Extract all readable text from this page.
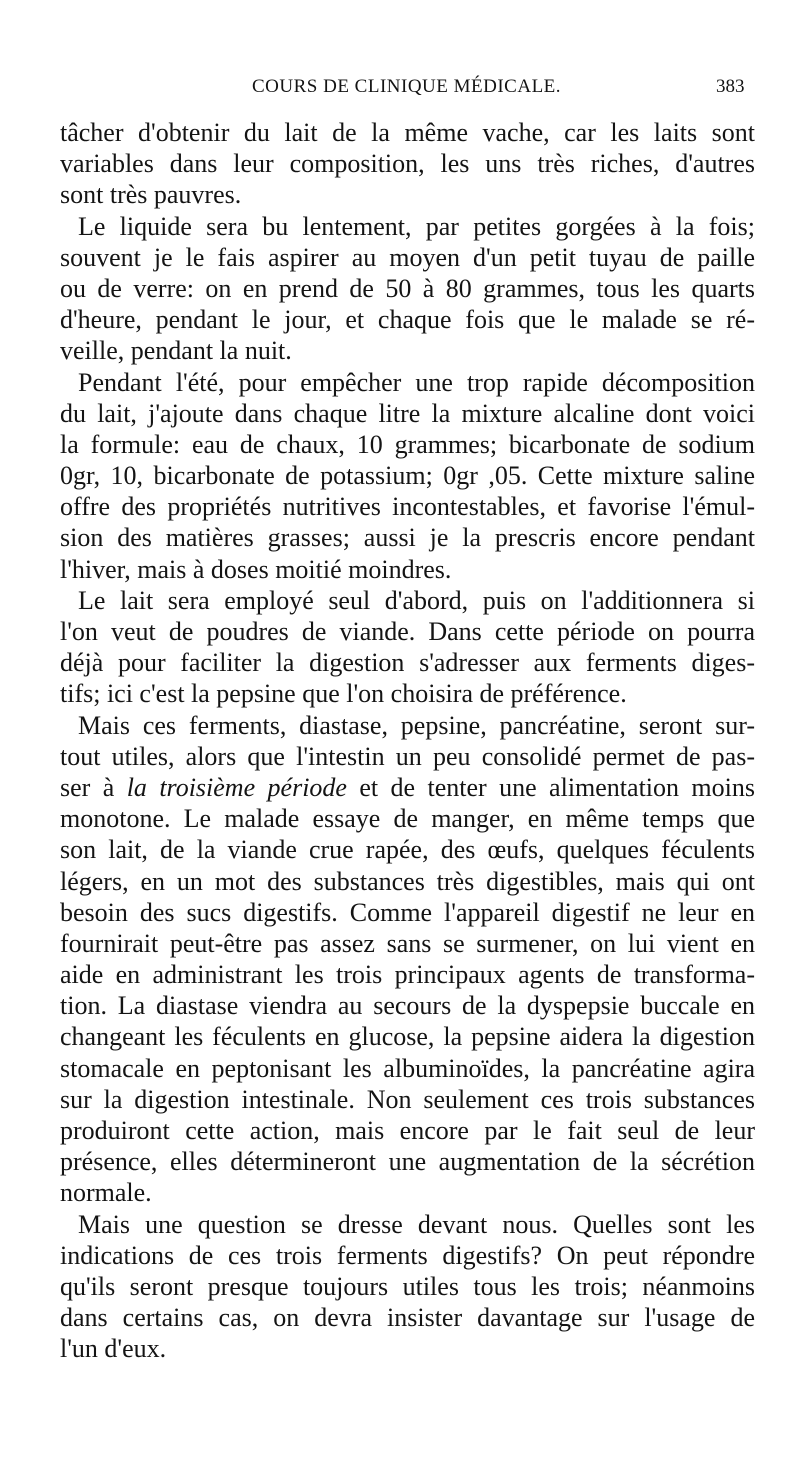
COURS DE CLINIQUE MÉDICALE.	383
tâcher d'obtenir du lait de la même vache, car les laits sont
variables dans leur composition, les uns très riches, d'autres
sont très pauvres.
Le liquide sera bu lentement, par petites gorgées à la fois;
souvent je le fais aspirer au moyen d'un petit tuyau de paille
ou de verre: on en prend de 50 à 80 grammes, tous les quarts
d'heure, pendant le jour, et chaque fois que le malade se ré-
veille, pendant la nuit.
Pendant l'été, pour empêcher une trop rapide décomposition
du lait, j'ajoute dans chaque litre la mixture alcaline dont voici
la formule: eau de chaux, 10 grammes; bicarbonate de sodium
0gr, 10, bicarbonate de potassium; 0gr ,05. Cette mixture saline
offre des propriétés nutritives incontestables, et favorise l'émul-
sion des matières grasses; aussi je la prescris encore pendant
l'hiver, mais à doses moitié moindres.
Le lait sera employé seul d'abord, puis on l'additionnera si
l'on veut de poudres de viande. Dans cette période on pourra
déjà pour faciliter la digestion s'adresser aux ferments diges-
tifs; ici c'est la pepsine que l'on choisira de préférence.
Mais ces ferments, diastase, pepsine, pancréatine, seront sur-
tout utiles, alors que l'intestin un peu consolidé permet de pas-
ser à la troisième période et de tenter une alimentation moins
monotone. Le malade essaye de manger, en même temps que
son lait, de la viande crue rapée, des œufs, quelques féculents
légers, en un mot des substances très digestibles, mais qui ont
besoin des sucs digestifs. Comme l'appareil digestif ne leur en
fournirait peut-être pas assez sans se surmener, on lui vient en
aide en administrant les trois principaux agents de transforma-
tion. La diastase viendra au secours de la dyspepsie buccale en
changeant les féculents en glucose, la pepsine aidera la digestion
stomacale en peptonisant les albuminoïdes, la pancréatine agira
sur la digestion intestinale. Non seulement ces trois substances
produiront cette action, mais encore par le fait seul de leur
présence, elles détermineront une augmentation de la sécrétion
normale.
Mais une question se dresse devant nous. Quelles sont les
indications de ces trois ferments digestifs? On peut répondre
qu'ils seront presque toujours utiles tous les trois; néanmoins
dans certains cas, on devra insister davantage sur l'usage de
l'un d'eux.
